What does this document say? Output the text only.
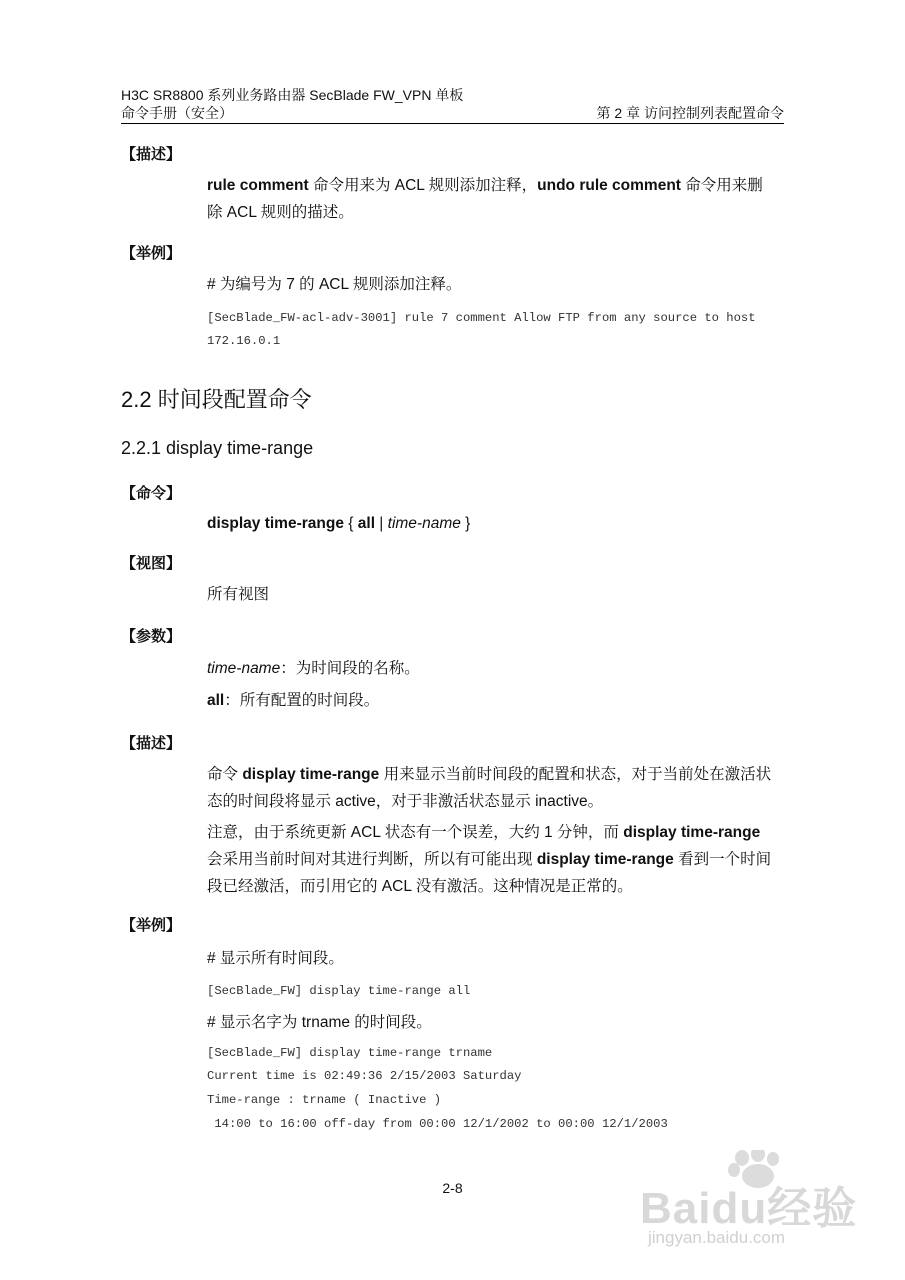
H3C SR8800 系列业务路由器 SecBlade FW_VPN 单板
命令手册（安全）	第 2 章 访问控制列表配置命令
【描述】
rule comment 命令用来为 ACL 规则添加注释，undo rule comment 命令用来删
除 ACL 规则的描述。
【举例】
# 为编号为 7 的 ACL 规则添加注释。
[SecBlade_FW-acl-adv-3001] rule 7 comment Allow FTP from any source to host
172.16.0.1
2.2 时间段配置命令
2.2.1 display time-range
【命令】
display time-range { all | time-name }
【视图】
所有视图
【参数】
time-name：为时间段的名称。
all：所有配置的时间段。
【描述】
命令 display time-range 用来显示当前时间段的配置和状态，对于当前处在激活状
态的时间段将显示 active，对于非激活状态显示 inactive。
注意，由于系统更新 ACL 状态有一个误差，大约 1 分钟，而 display time-range
会采用当前时间对其进行判断，所以有可能出现 display time-range 看到一个时间
段已经激活，而引用它的 ACL 没有激活。这种情况是正常的。
【举例】
# 显示所有时间段。
[SecBlade_FW] display time-range all
# 显示名字为 trname 的时间段。
[SecBlade_FW] display time-range trname
Current time is 02:49:36 2/15/2003 Saturday
Time-range : trname ( Inactive )
14:00 to 16:00 off-day from 00:00 12/1/2002 to 00:00 12/1/2003
2-8	Baidu经验
jingyan.baidu.com
